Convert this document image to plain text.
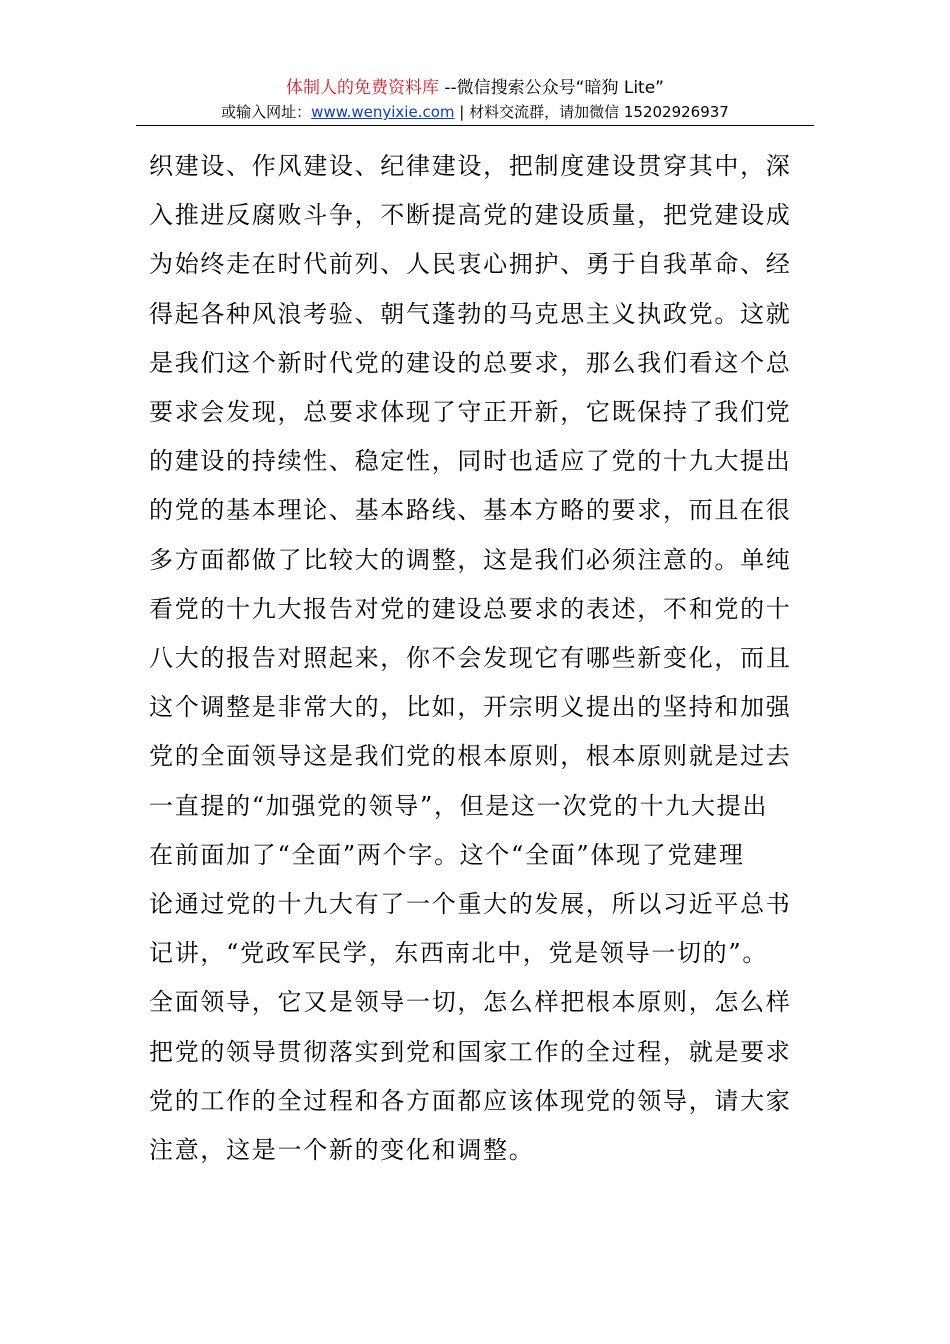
体制人的免费资料库 --微信搜索公众号“暗狗 Lite”
或输入网址：www.wenyixie.com | 材料交流群，请加微信 15202926937
织建设、作风建设、纪律建设，把制度建设贯穿其中，深
入推进反腐败斗争，不断提高党的建设质量，把党建设成
为始终走在时代前列、人民衷心拥护、勇于自我革命、经
得起各种风浪考验、朝气蓬勃的马克思主义执政党。这就
是我们这个新时代党的建设的总要求，那么我们看这个总
要求会发现，总要求体现了守正开新，它既保持了我们党
的建设的持续性、稳定性，同时也适应了党的十九大提出
的党的基本理论、基本路线、基本方略的要求，而且在很
多方面都做了比较大的调整，这是我们必须注意的。单纯
看党的十九大报告对党的建设总要求的表述，不和党的十
八大的报告对照起来，你不会发现它有哪些新变化，而且
这个调整是非常大的，比如，开宗明义提出的坚持和加强
党的全面领导这是我们党的根本原则，根本原则就是过去
一直提的“加强党的领导”，但是这一次党的十九大提出
在前面加了“全面”两个字。这个“全面”体现了党建理
论通过党的十九大有了一个重大的发展，所以习近平总书
记讲，“党政军民学，东西南北中，党是领导一切的”。
全面领导，它又是领导一切，怎么样把根本原则，怎么样
把党的领导贯彻落实到党和国家工作的全过程，就是要求
党的工作的全过程和各方面都应该体现党的领导，请大家
注意，这是一个新的变化和调整。
